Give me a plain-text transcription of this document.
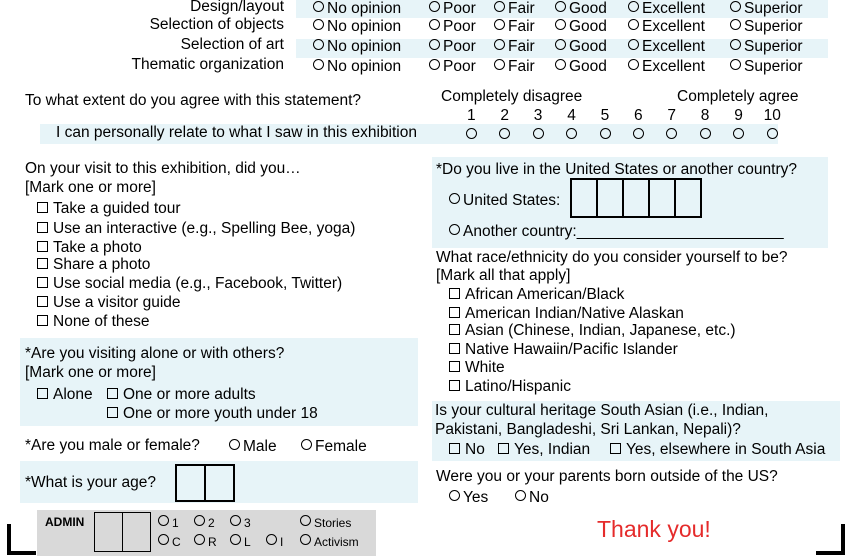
Design/layout	No opinion	Poor	Fair	Good	Excellent	Superior
Selection of objects	No opinion	Poor	Fair	Good	Excellent	Superior
Selection of art	No opinion	Poor	Fair	Good	Excellent	Superior
Thematic organization	No opinion	Poor	Fair	Good	Excellent	Superior
To what extent do you agree with this statement?	Completely disagree	Completely agree
I can personally relate to what I saw in this exhibition
1 2 3 4 5 6 7 8 9 10
On your visit to this exhibition, did you…
[Mark one or more]
Take a guided tour
Use an interactive (e.g., Spelling Bee, yoga)
Take a photo
Share a photo
Use social media (e.g., Facebook, Twitter)
Use a visitor guide
None of these
*Are you visiting alone or with others?
[Mark one or more]
Alone	One or more adults
One or more youth under 18
*Are you male or female?	Male	Female
*What is your age?
ADMIN	1	2	3
C	R	L	I
Stories
Activism
*Do you live in the United States or another country?
United States:
Another country:________________________
What race/ethnicity do you consider yourself to be?
[Mark all that apply]
African American/Black
American Indian/Native Alaskan
Asian (Chinese, Indian, Japanese, etc.)
Native Hawaiin/Pacific Islander
White
Latino/Hispanic
Is your cultural heritage South Asian (i.e., Indian,
Pakistani, Bangladeshi, Sri Lankan, Nepali)?
No	Yes, Indian	Yes, elsewhere in South Asia
Were you or your parents born outside of the US?
Yes	No
Thank you!
